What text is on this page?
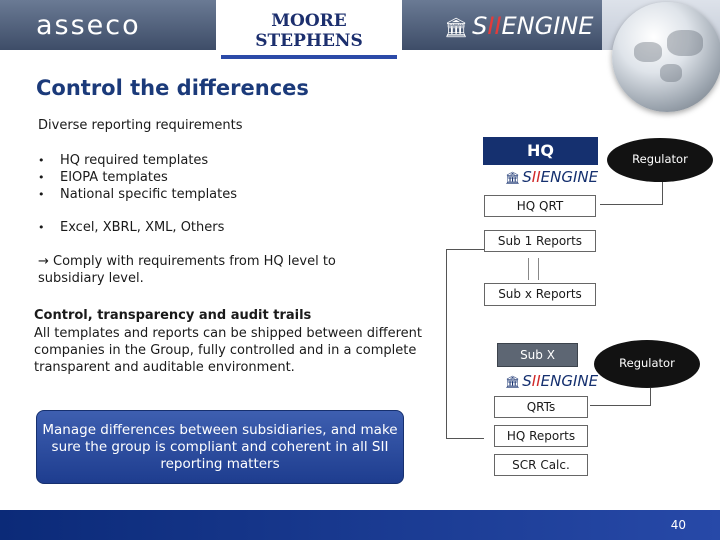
asseco	MOORE STEPHENS
🏛 SIIENGINE
Control the differences
Diverse reporting requirements
•	HQ required templates
•	EIOPA templates
•	National specific templates
•	Excel, XBRL, XML, Others
→ Comply with requirements from HQ level to subsidiary level.
Control, transparency and audit trails
All templates and reports can be shipped between different companies in the Group, fully controlled and in a complete transparent and auditable environment.
Manage differences between subsidiaries, and make sure the group is compliant and coherent in all SII reporting matters
HQ	Regulator
🏛 SIIENGINE
HQ QRT
Sub 1 Reports
Sub x Reports
Sub X
Regulator
🏛 SIIENGINE
QRTs
HQ Reports
SCR Calc.
40
